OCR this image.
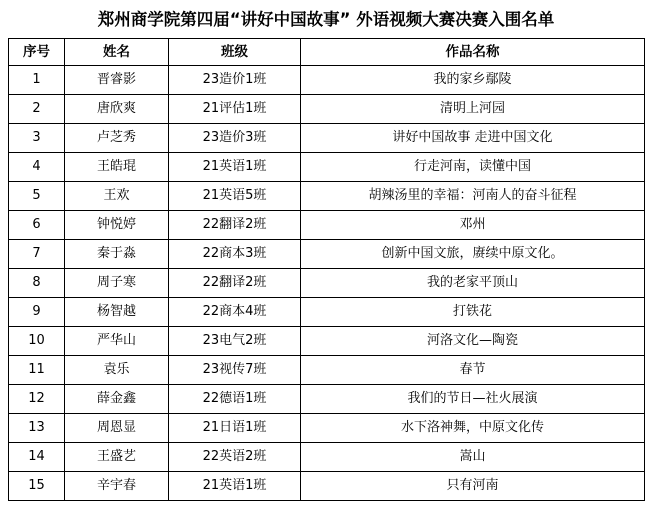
郑州商学院第四届“讲好中国故事” 外语视频大赛决赛入围名单
序号	姓名	班级	作品名称
1	晋睿影	23造价1班	我的家乡鄢陵
2	唐欣爽	21评估1班	清明上河园
3	卢芝秀	23造价3班	讲好中国故事 走进中国文化
4	王皓琨	21英语1班	行走河南，读懂中国
5	王欢	21英语5班	胡辣汤里的幸福：河南人的奋斗征程
6	钟悦婷	22翻译2班	邓州
7	秦于淼	22商本3班	创新中国文旅，赓续中原文化。
8	周子寒	22翻译2班	我的老家平顶山
9	杨智越	22商本4班	打铁花
10	严华山	23电气2班	河洛文化—陶瓷
11	袁乐	23视传7班	春节
12	薛金鑫	22德语1班	我们的节日—社火展演
13	周恩显	21日语1班	水下洛神舞，中原文化传
14	王盛艺	22英语2班	嵩山
15	辛宇春	21英语1班	只有河南
